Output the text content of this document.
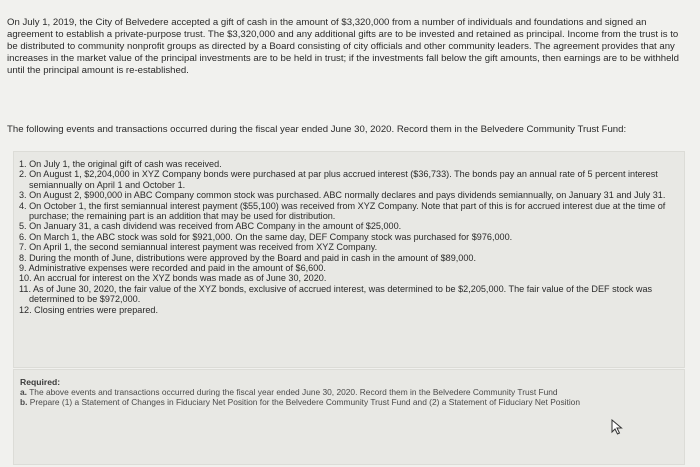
On July 1, 2019, the City of Belvedere accepted a gift of cash in the amount of $3,320,000 from a number of individuals and foundations and signed an agreement to establish a private-purpose trust. The $3,320,000 and any additional gifts are to be invested and retained as principal. Income from the trust is to be distributed to community nonprofit groups as directed by a Board consisting of city officials and other community leaders. The agreement provides that any increases in the market value of the principal investments are to be held in trust; if the investments fall below the gift amounts, then earnings are to be withheld until the principal amount is re-established.

The following events and transactions occurred during the fiscal year ended June 30, 2020. Record them in the Belvedere Community Trust Fund:

1. On July 1, the original gift of cash was received.
2. On August 1, $2,204,000 in XYZ Company bonds were purchased at par plus accrued interest ($36,733). The bonds pay an annual rate of 5 percent interest semiannually on April 1 and October 1.
3. On August 2, $900,000 in ABC Company common stock was purchased. ABC normally declares and pays dividends semiannually, on January 31 and July 31.
4. On October 1, the first semiannual interest payment ($55,100) was received from XYZ Company. Note that part of this is for accrued interest due at the time of purchase; the remaining part is an addition that may be used for distribution.
5. On January 31, a cash dividend was received from ABC Company in the amount of $25,000.
6. On March 1, the ABC stock was sold for $921,000. On the same day, DEF Company stock was purchased for $976,000.
7. On April 1, the second semiannual interest payment was received from XYZ Company.
8. During the month of June, distributions were approved by the Board and paid in cash in the amount of $89,000.
9. Administrative expenses were recorded and paid in the amount of $6,600.
10. An accrual for interest on the XYZ bonds was made as of June 30, 2020.
11. As of June 30, 2020, the fair value of the XYZ bonds, exclusive of accrued interest, was determined to be $2,205,000. The fair value of the DEF stock was determined to be $972,000.
12. Closing entries were prepared.
Required:
a. The above events and transactions occurred during the fiscal year ended June 30, 2020. Record them in the Belvedere Community Trust Fund
b. Prepare (1) a Statement of Changes in Fiduciary Net Position for the Belvedere Community Trust Fund and (2) a Statement of Fiduciary Net Position
